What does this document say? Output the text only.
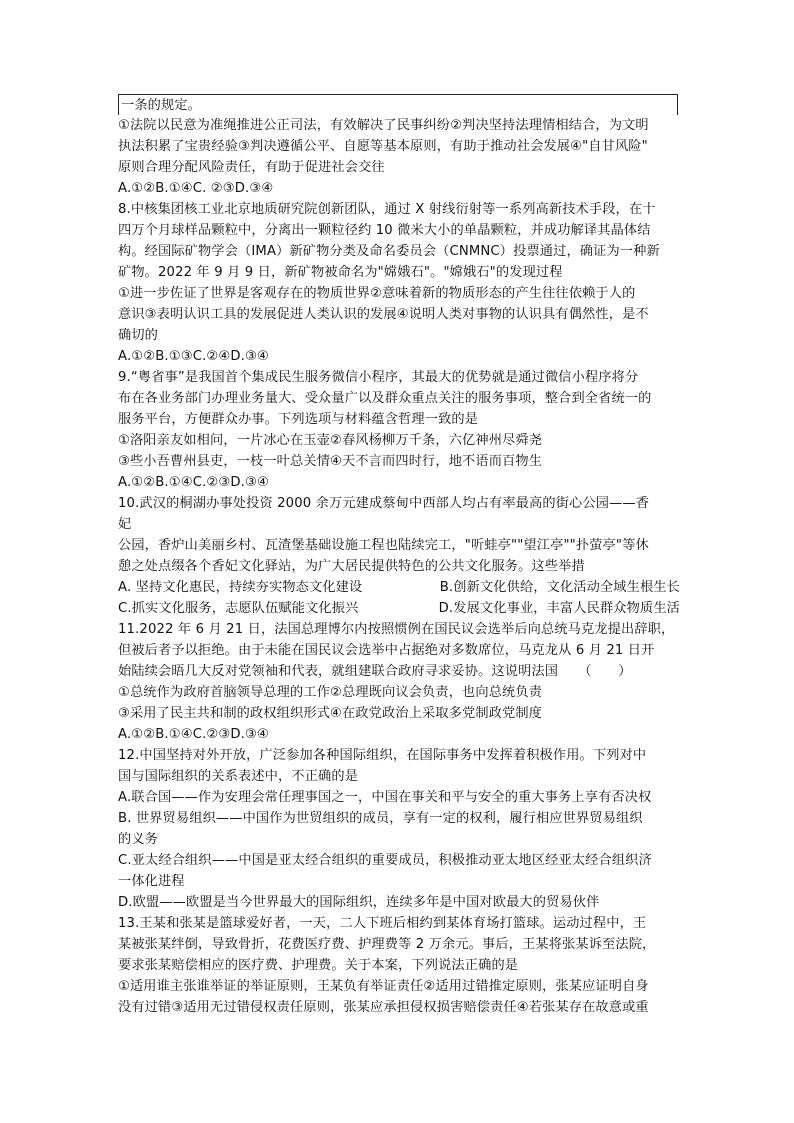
一条的规定。
①法院以民意为准绳推进公正司法，有效解决了民事纠纷②判决坚持法理情相结合，为文明
执法积累了宝贵经验③判决遵循公平、自愿等基本原则，有助于推动社会发展④"自甘风险"
原则合理分配风险责任，有助于促进社会交往
A.①②B.①④C. ②③D.③④
8.中核集团核工业北京地质研究院创新团队，通过 X 射线衍射等一系列高新技术手段，在十
四万个月球样品颗粒中，分离出一颗粒径约 10 微米大小的单晶颗粒，并成功解译其晶体结
构。经国际矿物学会（IMA）新矿物分类及命名委员会（CNMNC）投票通过，确证为一种新
矿物。2022 年 9 月 9 日，新矿物被命名为"嫦娥石"。"嫦娥石"的发现过程
①进一步佐证了世界是客观存在的物质世界②意味着新的物质形态的产生往往依赖于人的
意识③表明认识工具的发展促进人类认识的发展④说明人类对事物的认识具有偶然性，是不
确切的
A.①②B.①③C.②④D.③④
9.“粤省事”是我国首个集成民生服务微信小程序，其最大的优势就是通过微信小程序将分
布在各业务部门办理业务量大、受众量广以及群众重点关注的服务事项，整合到全省统一的
服务平台，方便群众办事。下列选项与材料蕴含哲理一致的是
①洛阳亲友如相问，一片冰心在玉壶②春风杨柳万千条，六亿神州尽舜尧
③些小吾曹州县吏，一枝一叶总关情④天不言而四时行，地不语而百物生
A.①②B.①④C.②③D.③④
10.武汉的桐湖办事处投资 2000 余万元建成蔡甸中西部人均占有率最高的街心公园——香
妃
公园，香炉山美丽乡村、瓦渣堡基础设施工程也陆续完工，"听蛙亭""望江亭""扑萤亭"等休
憩之处点缀各个香妃文化驿站，为广大居民提供特色的公共文化服务。这些举措
A. 坚持文化惠民，持续夯实物态文化建设	B.创新文化供给，文化活动全域生根生长
C.抓实文化服务，志愿队伍赋能文化振兴	D.发展文化事业，丰富人民群众物质生活
11.2022 年 6 月 21 日，法国总理博尔内按照惯例在国民议会选举后向总统马克龙提出辞职，
但被后者予以拒绝。由于未能在国民议会选举中占据绝对多数席位，马克龙从 6 月 21 日开
始陆续会晤几大反对党领袖和代表，就组建联合政府寻求妥协。这说明法国　　（　　）
①总统作为政府首脑领导总理的工作②总理既向议会负责，也向总统负责
③采用了民主共和制的政权组织形式④在政党政治上采取多党制政党制度
A.①②B.①④C.②③D.③④
12.中国坚持对外开放，广泛参加各种国际组织，在国际事务中发挥着积极作用。下列对中
国与国际组织的关系表述中，不正确的是
A.联合国——作为安理会常任理事国之一，中国在事关和平与安全的重大事务上享有否决权
B. 世界贸易组织——中国作为世贸组织的成员，享有一定的权利，履行相应世界贸易组织
的义务
C.亚太经合组织——中国是亚太经合组织的重要成员，积极推动亚太地区经亚太经合组织济
一体化进程
D.欧盟——欧盟是当今世界最大的国际组织，连续多年是中国对欧最大的贸易伙伴
13.王某和张某是篮球爱好者，一天，二人下班后相约到某体育场打篮球。运动过程中，王
某被张某绊倒，导致骨折，花费医疗费、护理费等 2 万余元。事后，王某将张某诉至法院，
要求张某赔偿相应的医疗费、护理费。关于本案，下列说法正确的是
①适用谁主张谁举证的举证原则，王某负有举证责任②适用过错推定原则，张某应证明自身
没有过错③适用无过错侵权责任原则，张某应承担侵权损害赔偿责任④若张某存在故意或重
